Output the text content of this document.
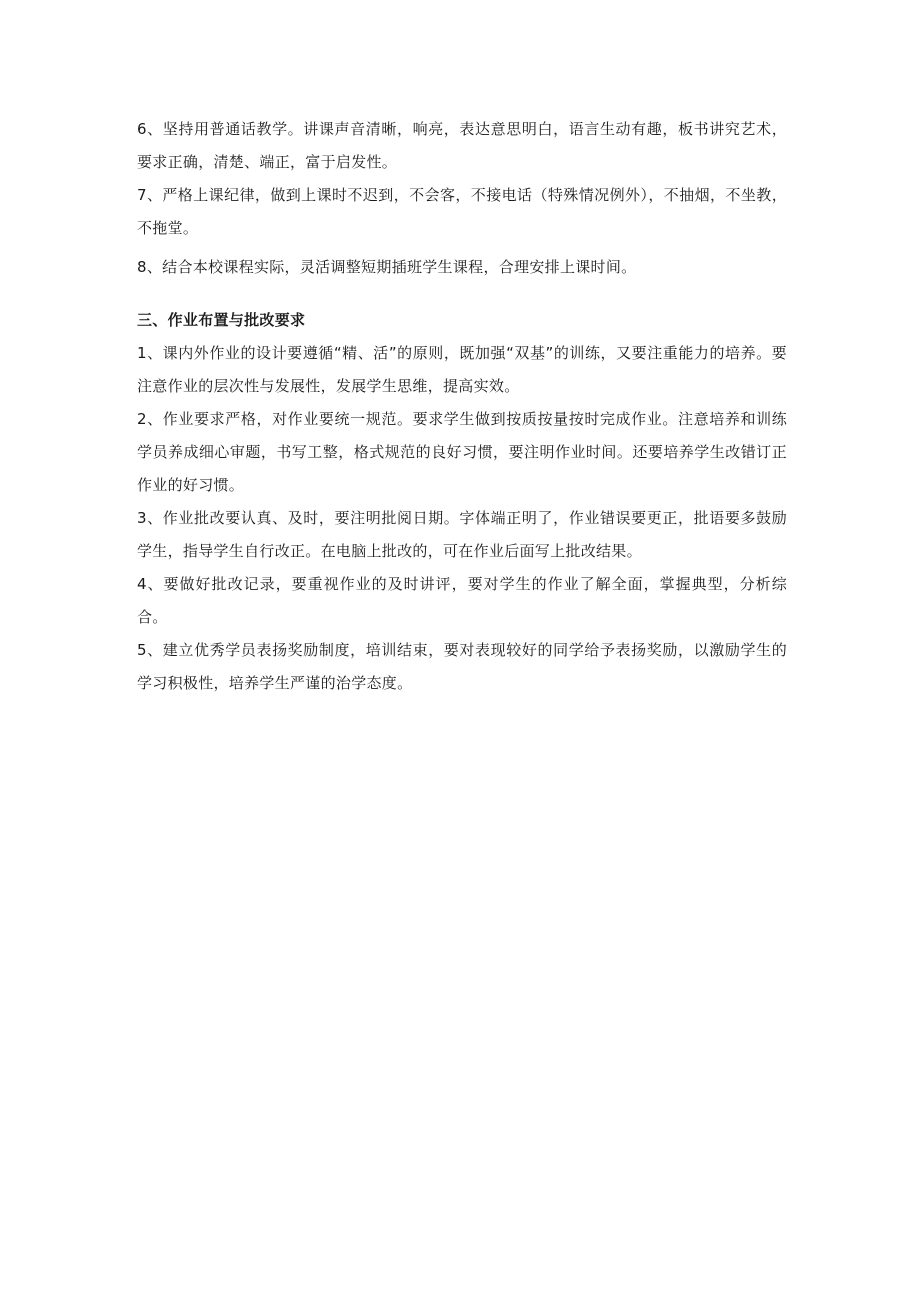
6、坚持用普通话教学。讲课声音清晰，响亮，表达意思明白，语言生动有趣，板书讲究艺术，要求正确，清楚、端正，富于启发性。

7、严格上课纪律，做到上课时不迟到，不会客，不接电话（特殊情况例外），不抽烟，不坐教，不拖堂。

8、结合本校课程实际，灵活调整短期插班学生课程，合理安排上课时间。

三、作业布置与批改要求

1、课内外作业的设计要遵循“精、活”的原则，既加强“双基”的训练，又要注重能力的培养。要注意作业的层次性与发展性，发展学生思维，提高实效。

2、作业要求严格，对作业要统一规范。要求学生做到按质按量按时完成作业。注意培养和训练学员养成细心审题，书写工整，格式规范的良好习惯，要注明作业时间。还要培养学生改错订正作业的好习惯。

3、作业批改要认真、及时，要注明批阅日期。字体端正明了，作业错误要更正，批语要多鼓励学生，指导学生自行改正。在电脑上批改的，可在作业后面写上批改结果。

4、要做好批改记录，要重视作业的及时讲评，要对学生的作业了解全面，掌握典型，分析综合。

5、建立优秀学员表扬奖励制度，培训结束，要对表现较好的同学给予表扬奖励，以激励学生的学习积极性，培养学生严谨的治学态度。
